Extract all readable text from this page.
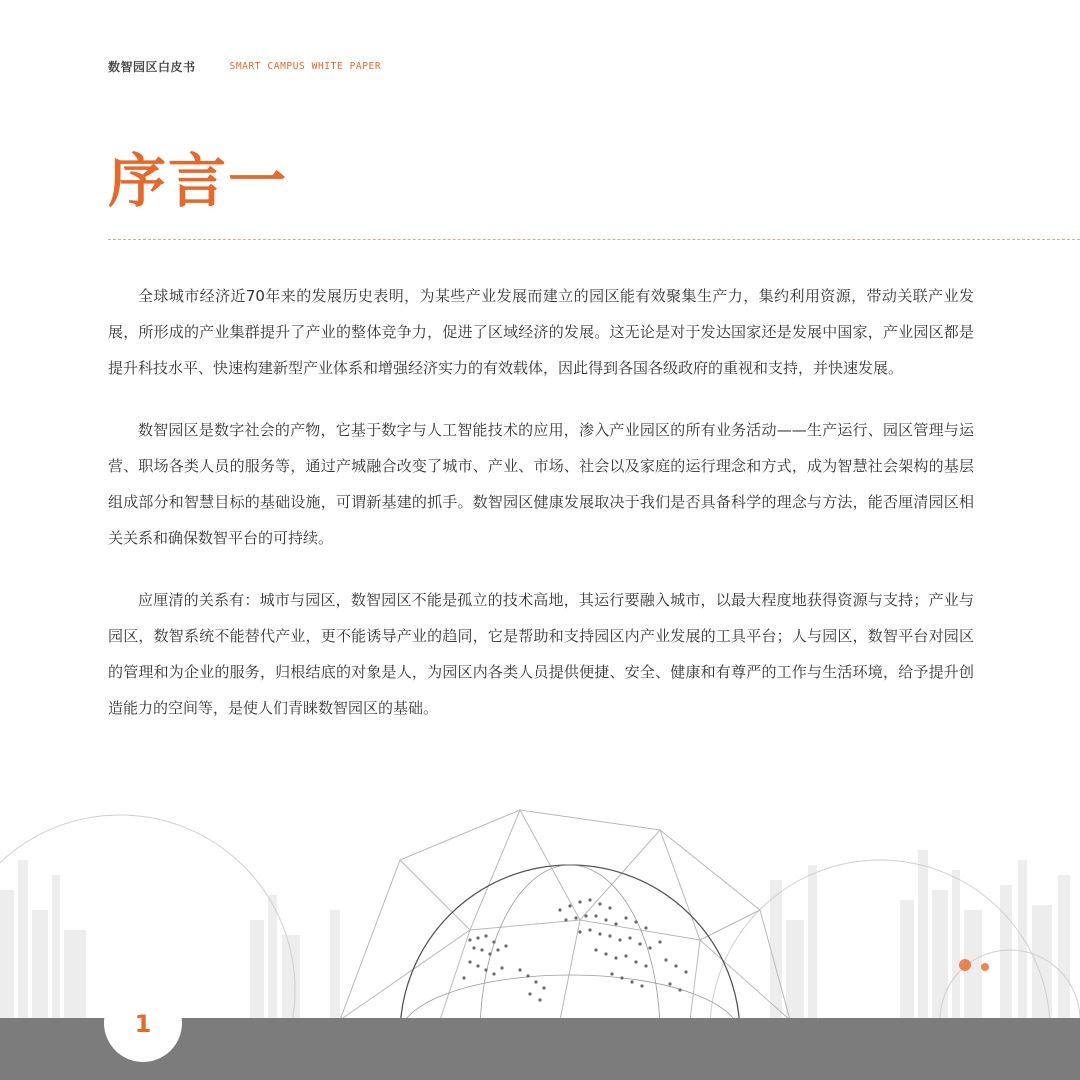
数智园区白皮书	SMART CAMPUS WHITE PAPER
序言一

全球城市经济近70年来的发展历史表明，为某些产业发展而建立的园区能有效聚集生产力，集约利用资源，带动关联产业发展，所形成的产业集群提升了产业的整体竞争力，促进了区域经济的发展。这无论是对于发达国家还是发展中国家，产业园区都是提升科技水平、快速构建新型产业体系和增强经济实力的有效载体，因此得到各国各级政府的重视和支持，并快速发展。

数智园区是数字社会的产物，它基于数字与人工智能技术的应用，渗入产业园区的所有业务活动——生产运行、园区管理与运营、职场各类人员的服务等，通过产城融合改变了城市、产业、市场、社会以及家庭的运行理念和方式，成为智慧社会架构的基层组成部分和智慧目标的基础设施，可谓新基建的抓手。数智园区健康发展取决于我们是否具备科学的理念与方法，能否厘清园区相关关系和确保数智平台的可持续。

应厘清的关系有：城市与园区，数智园区不能是孤立的技术高地，其运行要融入城市，以最大程度地获得资源与支持；产业与园区，数智系统不能替代产业，更不能诱导产业的趋同，它是帮助和支持园区内产业发展的工具平台；人与园区，数智平台对园区的管理和为企业的服务，归根结底的对象是人，为园区内各类人员提供便捷、安全、健康和有尊严的工作与生活环境，给予提升创造能力的空间等，是使人们青睐数智园区的基础。

1
